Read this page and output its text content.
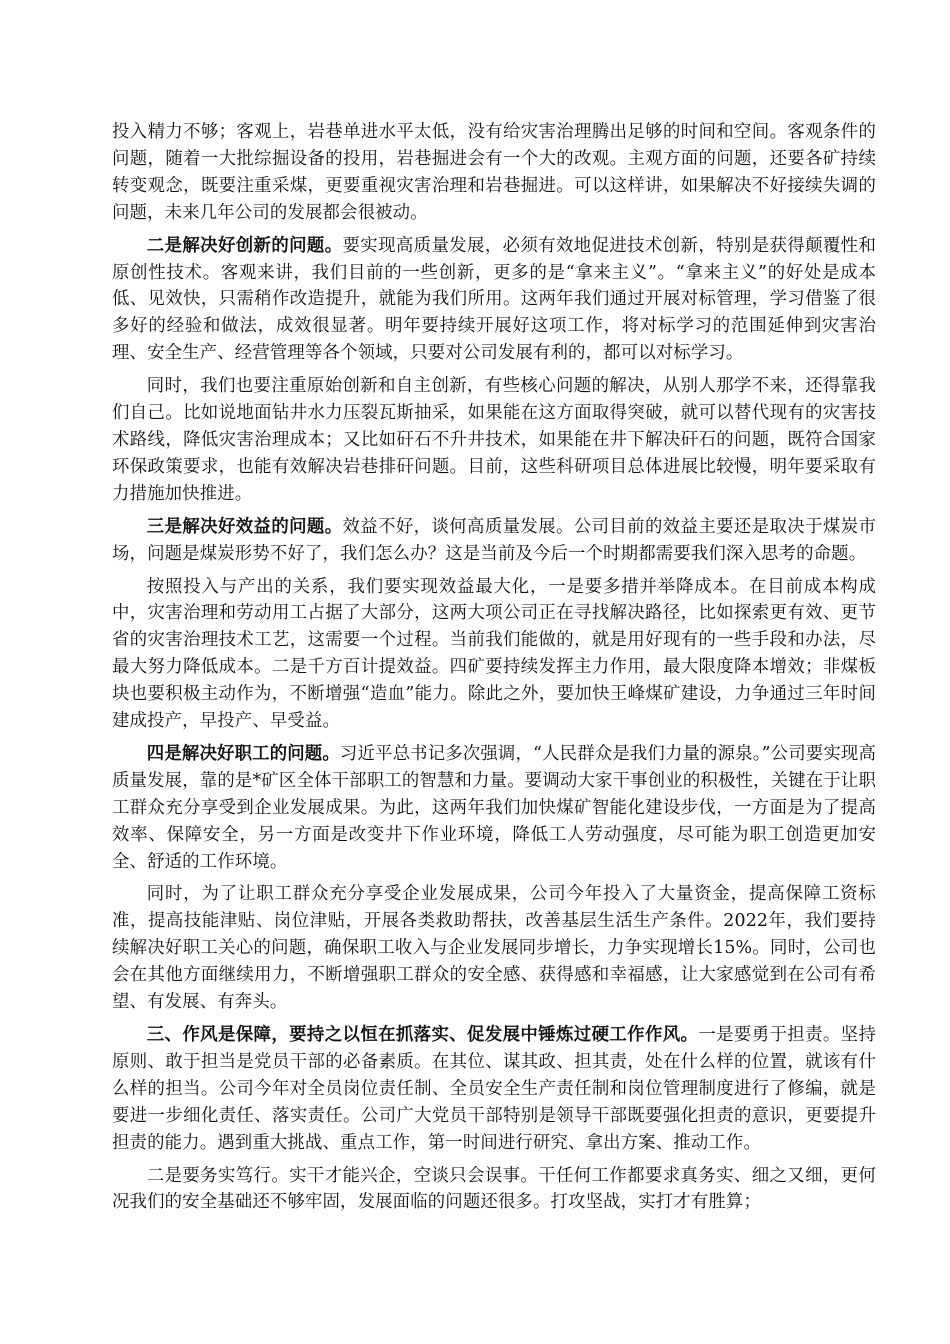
投入精力不够；客观上，岩巷单进水平太低，没有给灾害治理腾出足够的时间和空间。客观条件的问题，随着一大批综掘设备的投用，岩巷掘进会有一个大的改观。主观方面的问题，还要各矿持续转变观念，既要注重采煤，更要重视灾害治理和岩巷掘进。可以这样讲，如果解决不好接续失调的问题，未来几年公司的发展都会很被动。

二是解决好创新的问题。要实现高质量发展，必须有效地促进技术创新，特别是获得颠覆性和原创性技术。客观来讲，我们目前的一些创新，更多的是“拿来主义”。“拿来主义”的好处是成本低、见效快，只需稍作改造提升，就能为我们所用。这两年我们通过开展对标管理，学习借鉴了很多好的经验和做法，成效很显著。明年要持续开展好这项工作，将对标学习的范围延伸到灾害治理、安全生产、经营管理等各个领域，只要对公司发展有利的，都可以对标学习。

同时，我们也要注重原始创新和自主创新，有些核心问题的解决，从别人那学不来，还得靠我们自己。比如说地面钻井水力压裂瓦斯抽采，如果能在这方面取得突破，就可以替代现有的灾害技术路线，降低灾害治理成本；又比如矸石不升井技术，如果能在井下解决矸石的问题，既符合国家环保政策要求，也能有效解决岩巷排矸问题。目前，这些科研项目总体进展比较慢，明年要采取有力措施加快推进。

三是解决好效益的问题。效益不好，谈何高质量发展。公司目前的效益主要还是取决于煤炭市场，问题是煤炭形势不好了，我们怎么办？这是当前及今后一个时期都需要我们深入思考的命题。

按照投入与产出的关系，我们要实现效益最大化，一是要多措并举降成本。在目前成本构成中，灾害治理和劳动用工占据了大部分，这两大项公司正在寻找解决路径，比如探索更有效、更节省的灾害治理技术工艺，这需要一个过程。当前我们能做的，就是用好现有的一些手段和办法，尽最大努力降低成本。二是千方百计提效益。四矿要持续发挥主力作用，最大限度降本增效；非煤板块也要积极主动作为，不断增强“造血”能力。除此之外，要加快王峰煤矿建设，力争通过三年时间建成投产，早投产、早受益。

四是解决好职工的问题。习近平总书记多次强调，“人民群众是我们力量的源泉。”公司要实现高质量发展，靠的是*矿区全体干部职工的智慧和力量。要调动大家干事创业的积极性，关键在于让职工群众充分享受到企业发展成果。为此，这两年我们加快煤矿智能化建设步伐，一方面是为了提高效率、保障安全，另一方面是改变井下作业环境，降低工人劳动强度，尽可能为职工创造更加安全、舒适的工作环境。

同时，为了让职工群众充分享受企业发展成果，公司今年投入了大量资金，提高保障工资标准，提高技能津贴、岗位津贴，开展各类救助帮扶，改善基层生活生产条件。2022年，我们要持续解决好职工关心的问题，确保职工收入与企业发展同步增长，力争实现增长15%。同时，公司也会在其他方面继续用力，不断增强职工群众的安全感、获得感和幸福感，让大家感觉到在公司有希望、有发展、有奔头。

三、作风是保障，要持之以恒在抓落实、促发展中锤炼过硬工作作风。一是要勇于担责。坚持原则、敢于担当是党员干部的必备素质。在其位、谋其政、担其责，处在什么样的位置，就该有什么样的担当。公司今年对全员岗位责任制、全员安全生产责任制和岗位管理制度进行了修编，就是要进一步细化责任、落实责任。公司广大党员干部特别是领导干部既要强化担责的意识，更要提升担责的能力。遇到重大挑战、重点工作，第一时间进行研究、拿出方案、推动工作。

二是要务实笃行。实干才能兴企，空谈只会误事。干任何工作都要求真务实、细之又细，更何况我们的安全基础还不够牢固，发展面临的问题还很多。打攻坚战，实打才有胜算；
